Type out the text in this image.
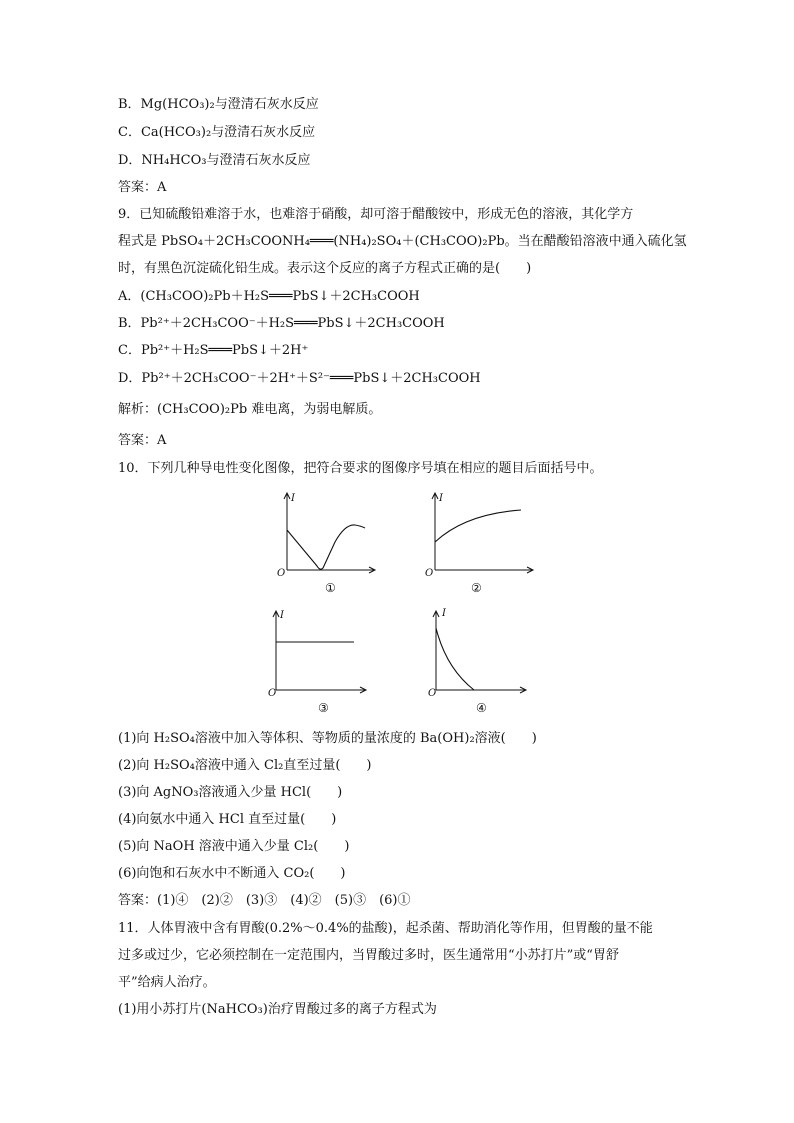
B．Mg(HCO₃)₂与澄清石灰水反应
C．Ca(HCO₃)₂与澄清石灰水反应
D．NH₄HCO₃与澄清石灰水反应
答案：A
9．已知硫酸铅难溶于水，也难溶于硝酸，却可溶于醋酸铵中，形成无色的溶液，其化学方
程式是 PbSO₄＋2CH₃COONH₄═══(NH₄)₂SO₄＋(CH₃COO)₂Pb。当在醋酸铅溶液中通入硫化氢
时，有黑色沉淀硫化铅生成。表示这个反应的离子方程式正确的是(　　)
A．(CH₃COO)₂Pb＋H₂S═══PbS↓＋2CH₃COOH
B．Pb²⁺＋2CH₃COO⁻＋H₂S═══PbS↓＋2CH₃COOH
C．Pb²⁺＋H₂S═══PbS↓＋2H⁺
D．Pb²⁺＋2CH₃COO⁻＋2H⁺＋S²⁻═══PbS↓＋2CH₃COOH
解析：(CH₃COO)₂Pb 难电离，为弱电解质。
答案：A
10．下列几种导电性变化图像，把符合要求的图像序号填在相应的题目后面括号中。
(1)向 H₂SO₄溶液中加入等体积、等物质的量浓度的 Ba(OH)₂溶液(　　)
(2)向 H₂SO₄溶液中通入 Cl₂直至过量(　　)
(3)向 AgNO₃溶液通入少量 HCl(　　)
(4)向氨水中通入 HCl 直至过量(　　)
(5)向 NaOH 溶液中通入少量 Cl₂(　　)
(6)向饱和石灰水中不断通入 CO₂(　　)
答案：(1)④　(2)②　(3)③　(4)②　(5)③　(6)①
11．人体胃液中含有胃酸(0.2%～0.4%的盐酸)，起杀菌、帮助消化等作用，但胃酸的量不能
过多或过少，它必须控制在一定范围内，当胃酸过多时，医生通常用“小苏打片”或“胃舒
平”给病人治疗。
(1)用小苏打片(NaHCO₃)治疗胃酸过多的离子方程式为
I
O
①
I
O
②
I
O
③
I
O
④
